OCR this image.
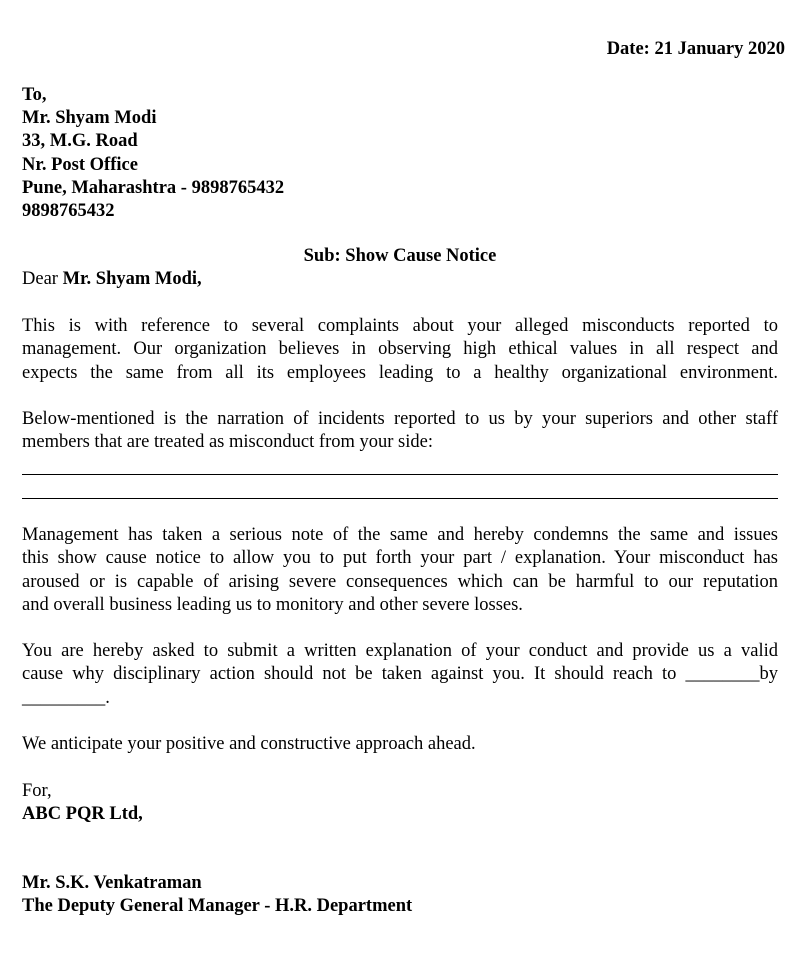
Date: 21 January 2020
To,
Mr. Shyam Modi
33, M.G. Road
Nr. Post Office
Pune, Maharashtra - 9898765432
9898765432
Sub: Show Cause Notice
Dear Mr. Shyam Modi,
This is with reference to several complaints about your alleged misconducts reported to
management. Our organization believes in observing high ethical values in all respect and
expects the same from all its employees leading to a healthy organizational environment.
Below-mentioned is the narration of incidents reported to us by your superiors and other staff
members that are treated as misconduct from your side:
Management has taken a serious note of the same and hereby condemns the same and issues
this show cause notice to allow you to put forth your part / explanation. Your misconduct has
aroused or is capable of arising severe consequences which can be harmful to our reputation
and overall business leading us to monitory and other severe losses.
You are hereby asked to submit a written explanation of your conduct and provide us a valid
cause why disciplinary action should not be taken against you. It should reach to ________by
_________.
We anticipate your positive and constructive approach ahead.
For,
ABC PQR Ltd,
Mr. S.K. Venkatraman
The Deputy General Manager - H.R. Department
